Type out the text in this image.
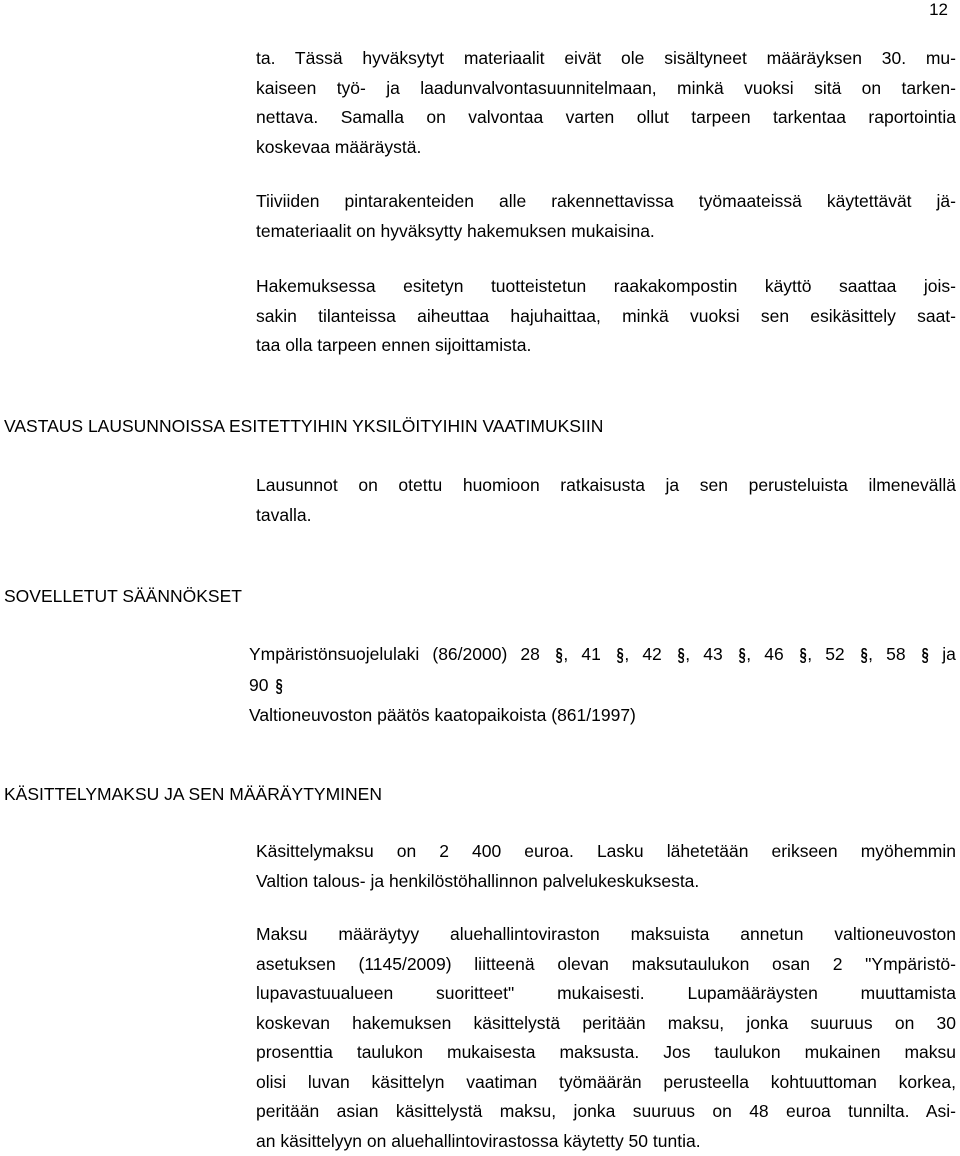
12
ta. Tässä hyväksytyt materiaalit eivät ole sisältyneet määräyksen 30. mu-
kaiseen työ- ja laadunvalvontasuunnitelmaan, minkä vuoksi sitä on tarken-
nettava. Samalla on valvontaa varten ollut tarpeen tarkentaa raportointia
koskevaa määräystä.
Tiiviiden pintarakenteiden alle rakennettavissa työmaateissä käytettävät jä-
temateriaalit on hyväksytty hakemuksen mukaisina.
Hakemuksessa esitetyn tuotteistetun raakakompostin käyttö saattaa jois-
sakin tilanteissa aiheuttaa hajuhaittaa, minkä vuoksi sen esikäsittely saat-
taa olla tarpeen ennen sijoittamista.
VASTAUS LAUSUNNOISSA ESITETTYIHIN YKSILÖITYIHIN VAATIMUKSIIN
Lausunnot on otettu huomioon ratkaisusta ja sen perusteluista ilmenevällä
tavalla.
SOVELLETUT SÄÄNNÖKSET
Ympäristönsuojelulaki (86/2000) 28 §, 41 §, 42 §, 43 §, 46 §, 52 §, 58 § ja
90 §
Valtioneuvoston päätös kaatopaikoista (861/1997)
KÄSITTELYMAKSU JA SEN MÄÄRÄYTYMINEN
Käsittelymaksu on 2 400 euroa. Lasku lähetetään erikseen myöhemmin
Valtion talous- ja henkilöstöhallinnon palvelukeskuksesta.
Maksu määräytyy aluehallintoviraston maksuista annetun valtioneuvoston
asetuksen (1145/2009) liitteenä olevan maksutaulukon osan 2 "Ympäristö-
lupavastuualueen suoritteet" mukaisesti. Lupamääräysten muuttamista
koskevan hakemuksen käsittelystä peritään maksu, jonka suuruus on 30
prosenttia taulukon mukaisesta maksusta. Jos taulukon mukainen maksu
olisi luvan käsittelyn vaatiman työmäärän perusteella kohtuuttoman korkea,
peritään asian käsittelystä maksu, jonka suuruus on 48 euroa tunnilta. Asi-
an käsittelyyn on aluehallintovirastossa käytetty 50 tuntia.
